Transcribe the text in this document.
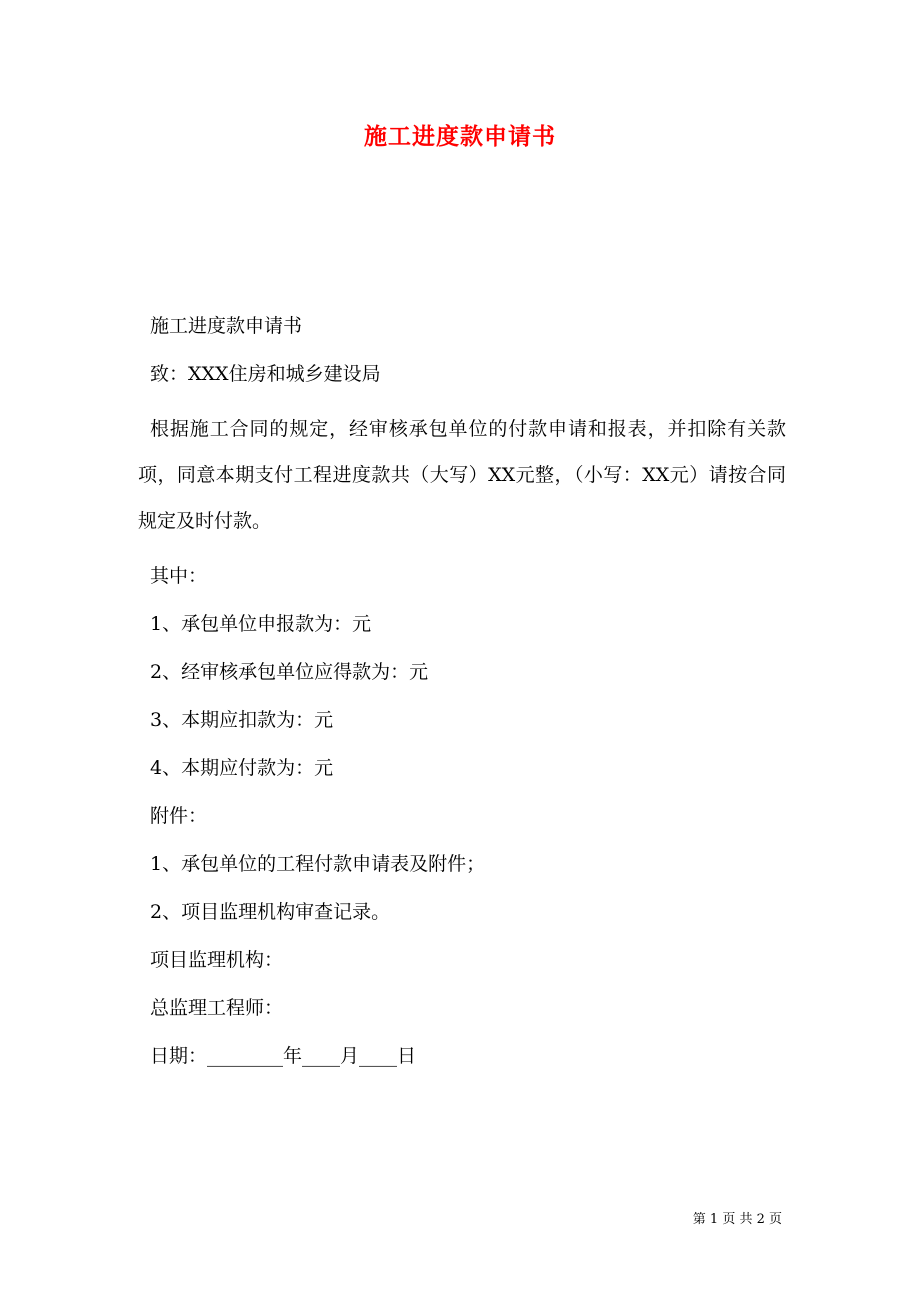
施工进度款申请书

施工进度款申请书

致：XXX住房和城乡建设局

根据施工合同的规定，经审核承包单位的付款申请和报表，并扣除有关款项，同意本期支付工程进度款共（大写）XX元整，（小写：XX元）请按合同规定及时付款。

其中：

1、承包单位申报款为：元

2、经审核承包单位应得款为：元

3、本期应扣款为：元

4、本期应付款为：元

附件：

1、承包单位的工程付款申请表及附件；

2、项目监理机构审查记录。

项目监理机构：

总监理工程师：

日期：________年____月____日

第 1 页 共 2 页
